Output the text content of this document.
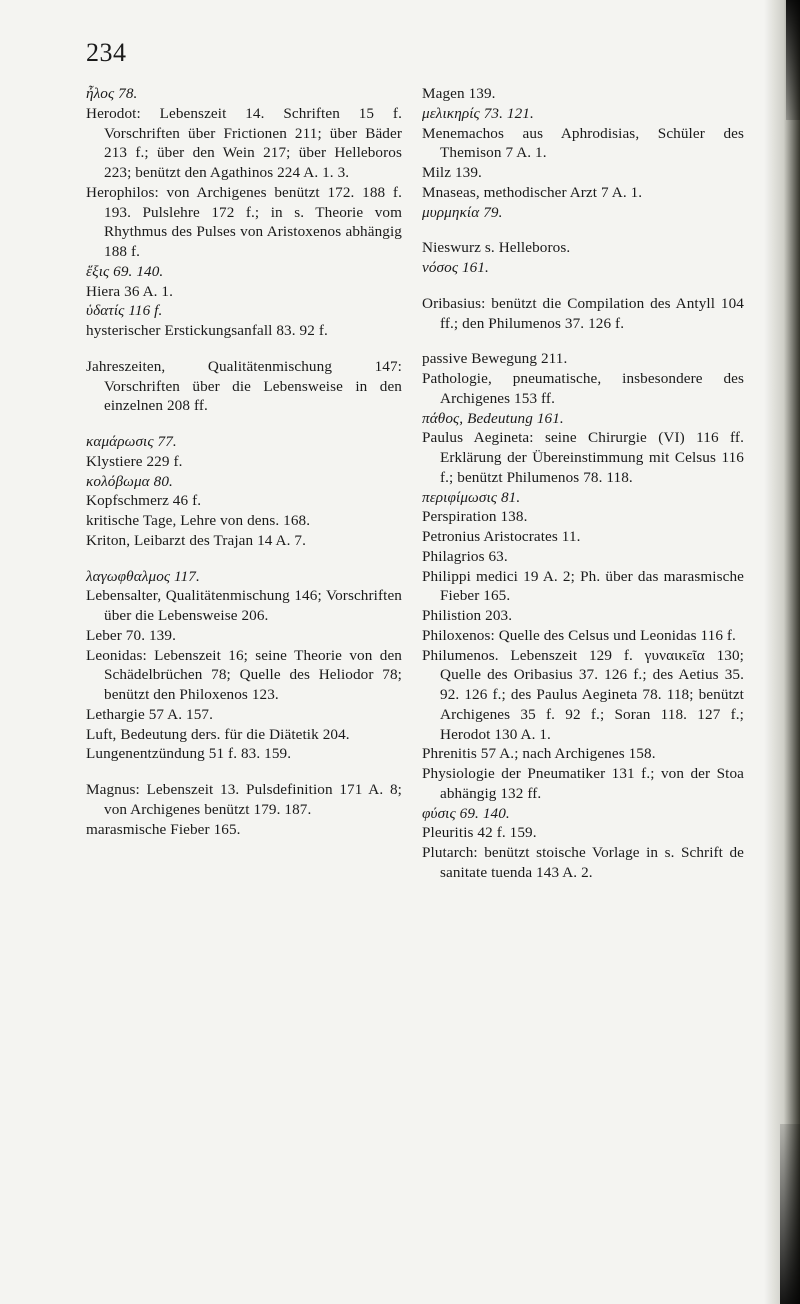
234

ἦλος 78.

Herodot: Lebenszeit 14. Schriften 15 f. Vorschriften über Frictionen 211; über Bäder 213 f.; über den Wein 217; über Helleboros 223; benützt den Agathinos 224 A. 1. 3.

Herophilos: von Archigenes benützt 172. 188 f. 193. Pulslehre 172 f.; in s. Theorie vom Rhythmus des Pulses von Aristoxenos abhängig 188 f.

ἕξις 69. 140.

Hiera 36 A. 1.

ὑδατίς 116 f.

hysterischer Erstickungsanfall 83. 92 f.

Jahreszeiten, Qualitätenmischung 147: Vorschriften über die Lebensweise in den einzelnen 208 ff.

καμάρωσις 77.

Klystiere 229 f.

κολόβωμα 80.

Kopfschmerz 46 f.

kritische Tage, Lehre von dens. 168.

Kriton, Leibarzt des Trajan 14 A. 7.

λαγωφθαλμος 117.

Lebensalter, Qualitätenmischung 146; Vorschriften über die Lebensweise 206.

Leber 70. 139.

Leonidas: Lebenszeit 16; seine Theorie von den Schädelbrüchen 78; Quelle des Heliodor 78; benützt den Philoxenos 123.

Lethargie 57 A. 157.

Luft, Bedeutung ders. für die Diätetik 204.

Lungenentzündung 51 f. 83. 159.

Magnus: Lebenszeit 13. Pulsdefinition 171 A. 8; von Archigenes benützt 179. 187.

marasmische Fieber 165.

Magen 139.

μελικηρίς 73. 121.

Menemachos aus Aphrodisias, Schüler des Themison 7 A. 1.

Milz 139.

Mnaseas, methodischer Arzt 7 A. 1.

μυρμηκία 79.

Nieswurz s. Helleboros.

νόσος 161.

Oribasius: benützt die Compilation des Antyll 104 ff.; den Philumenos 37. 126 f.

passive Bewegung 211.

Pathologie, pneumatische, insbesondere des Archigenes 153 ff.

πάθος, Bedeutung 161.

Paulus Aegineta: seine Chirurgie (VI) 116 ff. Erklärung der Übereinstimmung mit Celsus 116 f.; benützt Philumenos 78. 118.

περιφίμωσις 81.

Perspiration 138.

Petronius Aristocrates 11.

Philagrios 63.

Philippi medici 19 A. 2; Ph. über das marasmische Fieber 165.

Philistion 203.

Philoxenos: Quelle des Celsus und Leonidas 116 f.

Philumenos. Lebenszeit 129 f. γυναικεῖα 130; Quelle des Oribasius 37. 126 f.; des Aetius 35. 92. 126 f.; des Paulus Aegineta 78. 118; benützt Archigenes 35 f. 92 f.; Soran 118. 127 f.; Herodot 130 A. 1.

Phrenitis 57 A.; nach Archigenes 158.

Physiologie der Pneumatiker 131 f.; von der Stoa abhängig 132 ff.

φύσις 69. 140.

Pleuritis 42 f. 159.

Plutarch: benützt stoische Vorlage in s. Schrift de sanitate tuenda 143 A. 2.
